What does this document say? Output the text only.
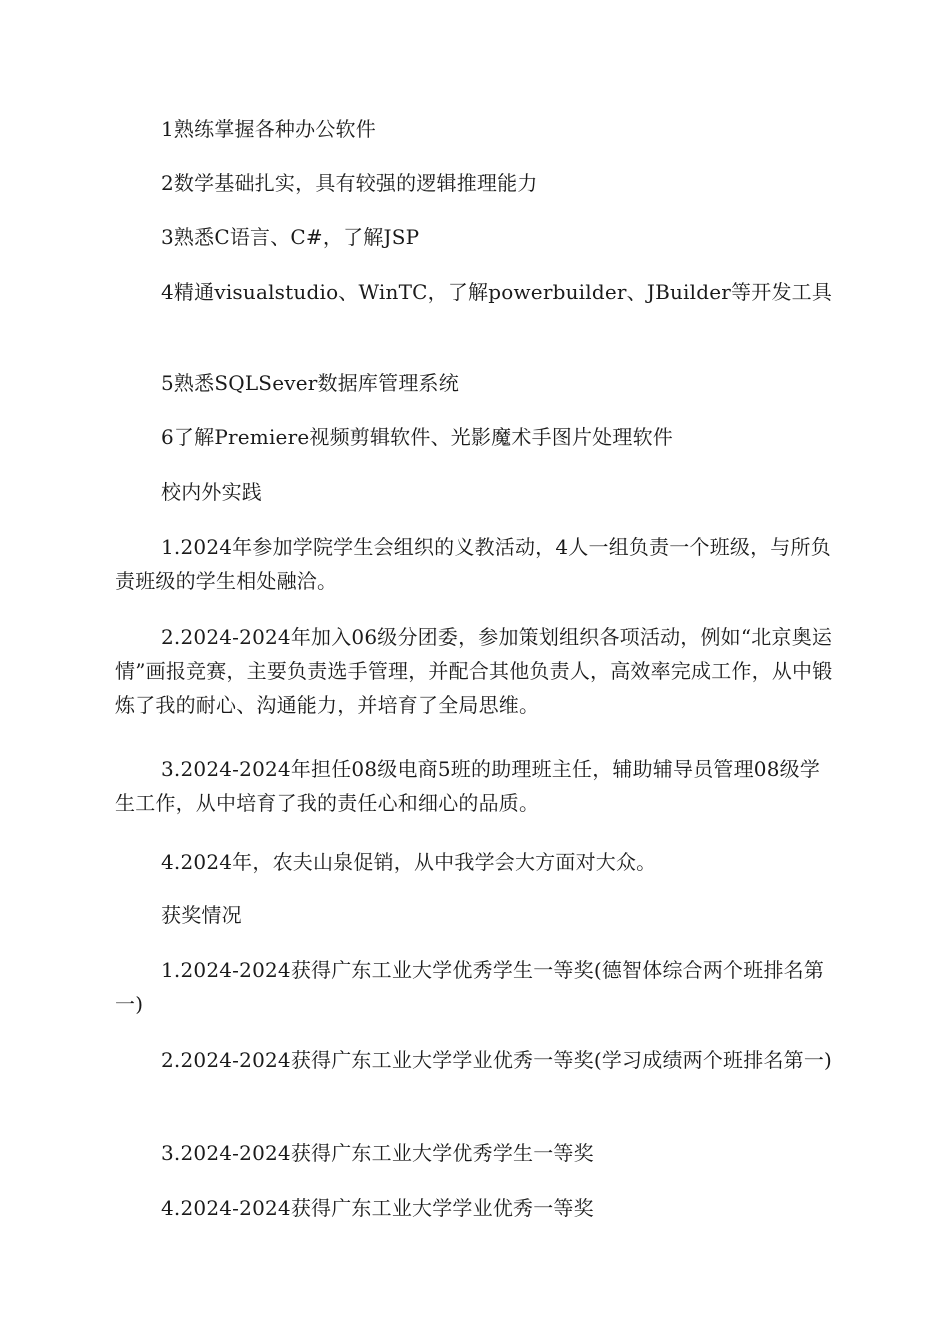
1熟练掌握各种办公软件

2数学基础扎实，具有较强的逻辑推理能力

3熟悉C语言、C#，了解JSP

4精通visualstudio、WinTC，了解powerbuilder、JBuilder等开发工具

5熟悉SQLSever数据库管理系统

6了解Premiere视频剪辑软件、光影魔术手图片处理软件

校内外实践

1.2024年参加学院学生会组织的义教活动，4人一组负责一个班级，与所负责班级的学生相处融洽。

2.2024-2024年加入06级分团委，参加策划组织各项活动，例如“北京奥运情”画报竞赛，主要负责选手管理，并配合其他负责人，高效率完成工作，从中锻炼了我的耐心、沟通能力，并培育了全局思维。

3.2024-2024年担任08级电商5班的助理班主任，辅助辅导员管理08级学生工作，从中培育了我的责任心和细心的品质。

4.2024年，农夫山泉促销，从中我学会大方面对大众。

获奖情况

1.2024-2024获得广东工业大学优秀学生一等奖(德智体综合两个班排名第一)

2.2024-2024获得广东工业大学学业优秀一等奖(学习成绩两个班排名第一)

3.2024-2024获得广东工业大学优秀学生一等奖

4.2024-2024获得广东工业大学学业优秀一等奖
